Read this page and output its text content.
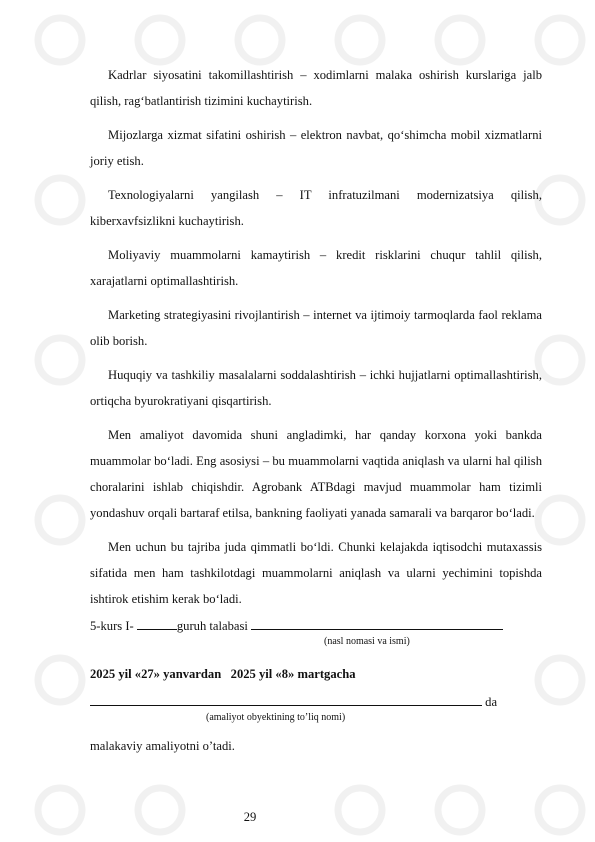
Kadrlar siyosatini takomillashtirish – xodimlarni malaka oshirish kurslariga jalb qilish, rag‘batlantirish tizimini kuchaytirish.

Mijozlarga xizmat sifatini oshirish – elektron navbat, qo‘shimcha mobil xizmatlarni joriy etish.

Texnologiyalarni yangilash – IT infratuzilmani modernizatsiya qilish, kiberxavfsizlikni kuchaytirish.

Moliyaviy muammolarni kamaytirish – kredit risklarini chuqur tahlil qilish, xarajatlarni optimallashtirish.

Marketing strategiyasini rivojlantirish – internet va ijtimoiy tarmoqlarda faol reklama olib borish.

Huquqiy va tashkiliy masalalarni soddalashtirish – ichki hujjatlarni optimallashtirish, ortiqcha byurokratiyani qisqartirish.

Men amaliyot davomida shuni angladimki, har qanday korxona yoki bankda muammolar bo‘ladi. Eng asosiysi – bu muammolarni vaqtida aniqlash va ularni hal qilish choralarini ishlab chiqishdir. Agrobank ATBdagi mavjud muammolar ham tizimli yondashuv orqali bartaraf etilsa, bankning faoliyati yanada samarali va barqaror bo‘ladi.

Men uchun bu tajriba juda qimmatli bo‘ldi. Chunki kelajakda iqtisodchi mutaxassis sifatida men ham tashkilotdagi muammolarni aniqlash va ularni yechimini topishda ishtirok etishim kerak bo‘ladi.

5-kurs I-	guruh talabasi
(nasl nomasi va ismi)
2025 yil «27» yanvardan 2025 yil «8» martgacha
da
(amaliyot obyektining to’liq nomi)
malakaviy amaliyotni o’tadi.
29
